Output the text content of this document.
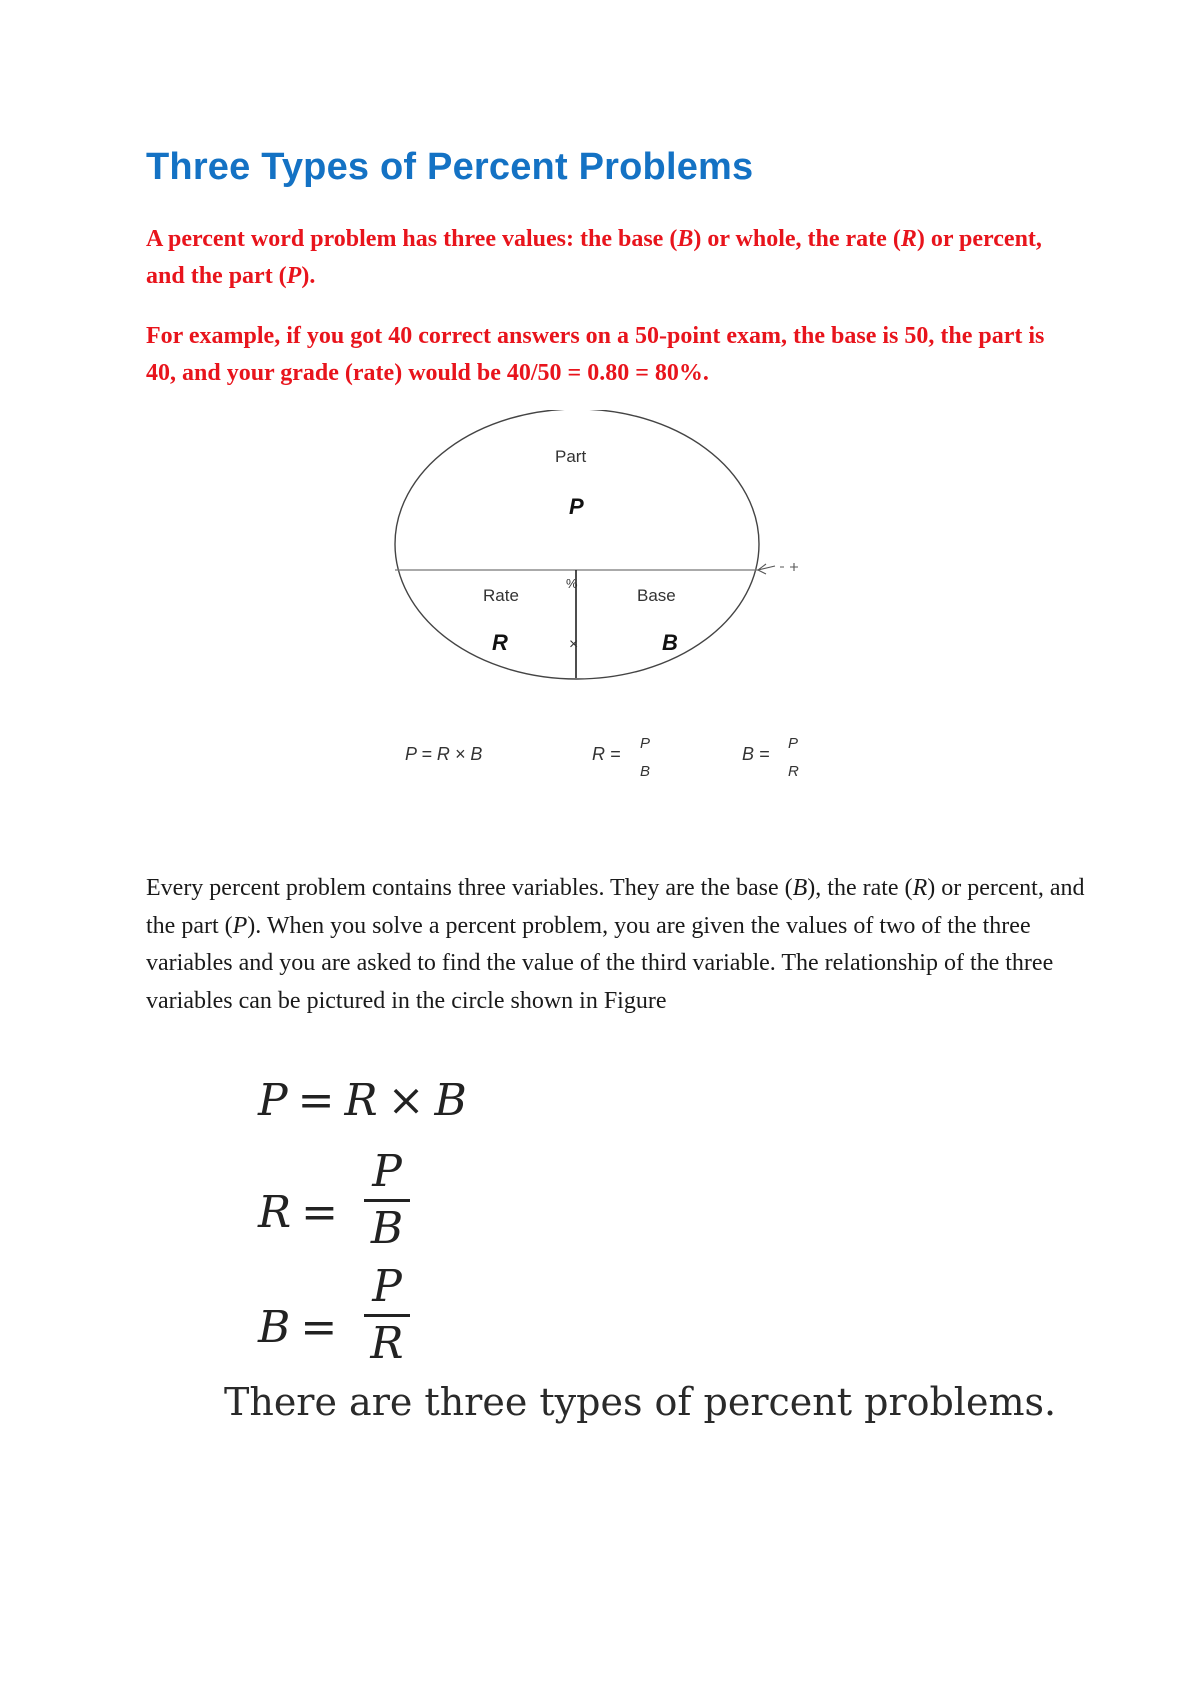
Three Types of Percent Problems

A percent word problem has three values: the base (B) or whole, the rate (R) or percent, and the part (P).

For example, if you got 40 correct answers on a 50-point exam, the base is 50, the part is 40, and your grade (rate) would be 40/50 = 0.80 = 80%.

Part
P
%
Rate
R
Base
B
×
P = R × B	R =
P
B
B =
P
R

Every percent problem contains three variables. They are the base (B), the rate (R) or percent, and the part (P). When you solve a percent problem, you are given the values of two of the three variables and you are asked to find the value of the third variable. The relationship of the three variables can be pictured in the circle shown in Figure

P = R × B
R =
P
B
B =
P
R

There are three types of percent problems.
